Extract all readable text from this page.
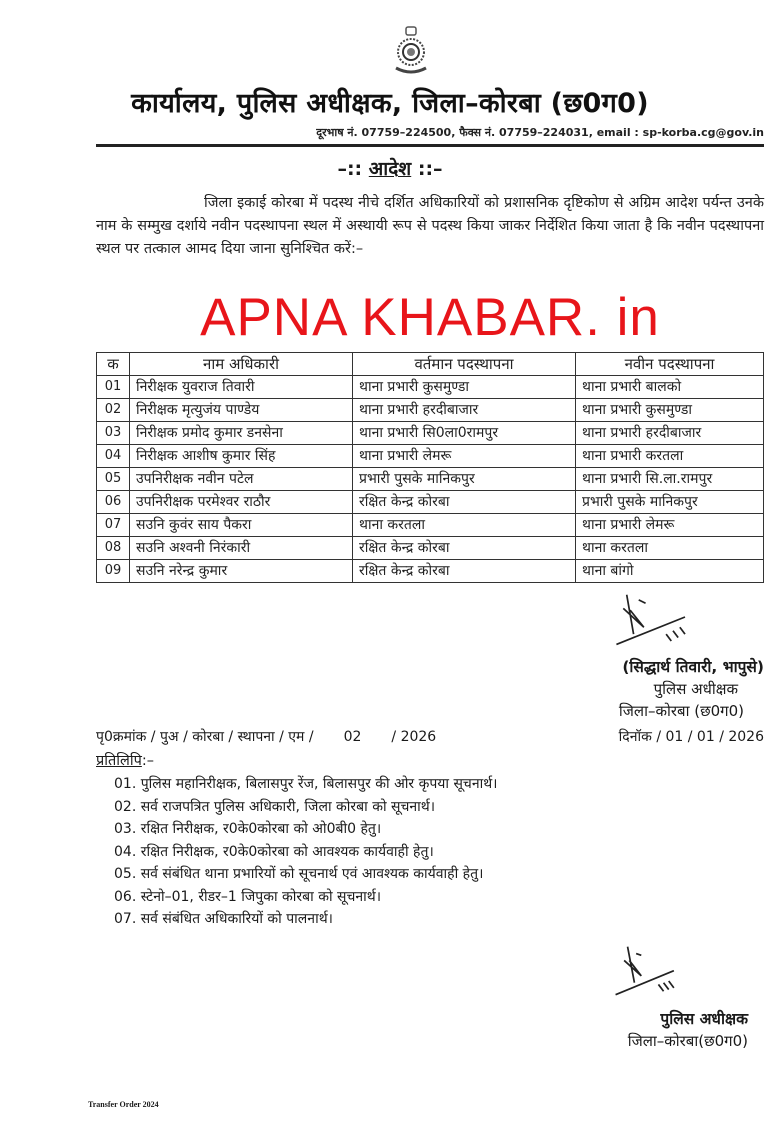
कार्यालय, पुलिस अधीक्षक, जिला–कोरबा (छ0ग0)
दूरभाष नं. 07759–224500, फैक्स नं. 07759–224031, email : sp-korba.cg@gov.in
–:: आदेश ::–
जिला इकाई कोरबा में पदस्थ नीचे दर्शित अधिकारियों को प्रशासनिक दृष्टिकोण से अग्रिम आदेश पर्यन्त उनके नाम के सम्मुख दर्शाये नवीन पदस्थापना स्थल में अस्थायी रूप से पदस्थ किया जाकर निर्देशित किया जाता है कि नवीन पदस्थापना स्थल पर तत्काल आमद दिया जाना सुनिश्चित करें:–
APNA KHABAR. in
क	नाम अधिकारी	वर्तमान पदस्थापना	नवीन पदस्थापना
01	निरीक्षक युवराज तिवारी	थाना प्रभारी कुसमुण्डा	थाना प्रभारी बालको
02	निरीक्षक मृत्युजंय पाण्डेय	थाना प्रभारी हरदीबाजार	थाना प्रभारी कुसमुण्डा
03	निरीक्षक प्रमोद कुमार डनसेना	थाना प्रभारी सि0ला0रामपुर	थाना प्रभारी हरदीबाजार
04	निरीक्षक आशीष कुमार सिंह	थाना प्रभारी लेमरू	थाना प्रभारी करतला
05	उपनिरीक्षक नवीन पटेल	प्रभारी पुसके मानिकपुर	थाना प्रभारी सि.ला.रामपुर
06	उपनिरीक्षक परमेश्वर राठौर	रक्षित केन्द्र कोरबा	प्रभारी पुसके मानिकपुर
07	सउनि कुवंर साय पैकरा	थाना करतला	थाना प्रभारी लेमरू
08	सउनि अश्वनी निरंकारी	रक्षित केन्द्र कोरबा	थाना करतला
09	सउनि नरेन्द्र कुमार	रक्षित केन्द्र कोरबा	थाना बांगो
(सिद्धार्थ तिवारी, भापुसे)
पुलिस अधीक्षक
जिला–कोरबा (छ0ग0)
पृ0क्रमांक / पुअ / कोरबा / स्थापना / एम / 02 / 2026	दिनॉक / 01 / 01 / 2026
प्रतिलिपि:–
01. पुलिस महानिरीक्षक, बिलासपुर रेंज, बिलासपुर की ओर कृपया सूचनार्थ।
02. सर्व राजपत्रित पुलिस अधिकारी, जिला कोरबा को सूचनार्थ।
03. रक्षित निरीक्षक, र0के0कोरबा को ओ0बी0 हेतु।
04. रक्षित निरीक्षक, र0के0कोरबा को आवश्यक कार्यवाही हेतु।
05. सर्व संबंधित थाना प्रभारियों को सूचनार्थ एवं आवश्यक कार्यवाही हेतु।
06. स्टेनो–01, रीडर–1 जिपुका कोरबा को सूचनार्थ।
07. सर्व संबंधित अधिकारियों को पालनार्थ।
पुलिस अधीक्षक
जिला–कोरबा(छ0ग0)
Transfer Order 2024
